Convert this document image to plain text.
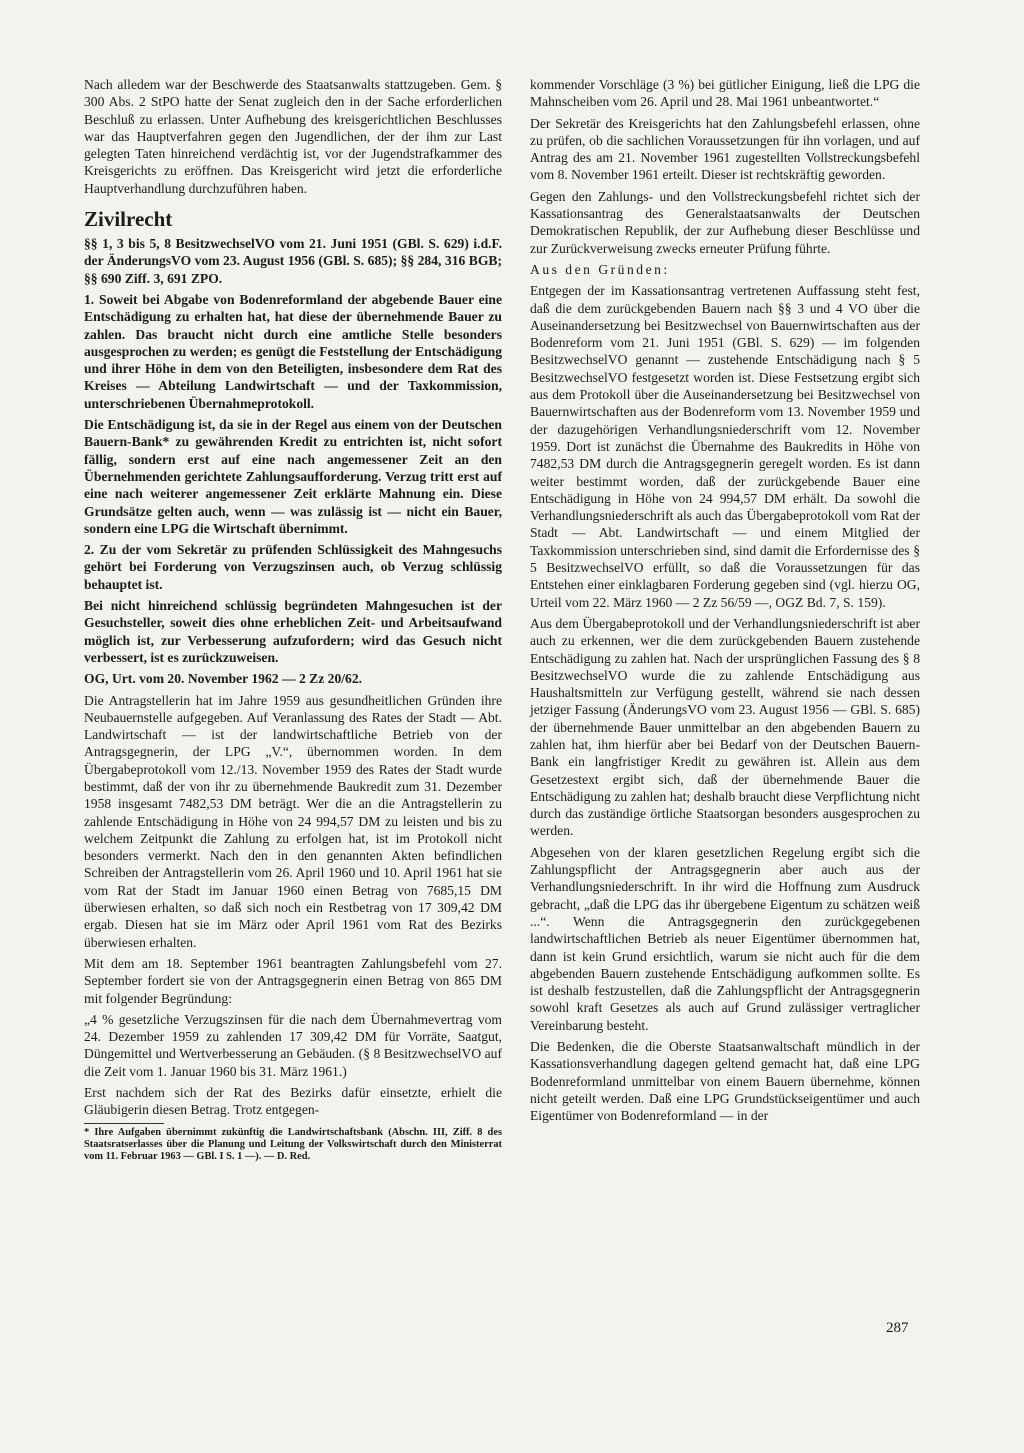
Nach alledem war der Beschwerde des Staatsanwalts stattzugeben. Gem. § 300 Abs. 2 StPO hatte der Senat zugleich den in der Sache erforderlichen Beschluß zu erlassen. Unter Aufhebung des kreisgerichtlichen Beschlusses war das Hauptverfahren gegen den Jugendlichen, der der ihm zur Last gelegten Taten hinreichend verdächtig ist, vor der Jugendstrafkammer des Kreisgerichts zu eröffnen. Das Kreisgericht wird jetzt die erforderliche Hauptverhandlung durchzuführen haben.

Zivilrecht

§§ 1, 3 bis 5, 8 BesitzwechselVO vom 21. Juni 1951 (GBl. S. 629) i.d.F. der ÄnderungsVO vom 23. August 1956 (GBl. S. 685); §§ 284, 316 BGB; §§ 690 Ziff. 3, 691 ZPO.

1. Soweit bei Abgabe von Bodenreformland der abgebende Bauer eine Entschädigung zu erhalten hat, hat diese der übernehmende Bauer zu zahlen. Das braucht nicht durch eine amtliche Stelle besonders ausgesprochen zu werden; es genügt die Feststellung der Entschädigung und ihrer Höhe in dem von den Beteiligten, insbesondere dem Rat des Kreises — Abteilung Landwirtschaft — und der Taxkommission, unterschriebenen Übernahmeprotokoll.

Die Entschädigung ist, da sie in der Regel aus einem von der Deutschen Bauern-Bank* zu gewährenden Kredit zu entrichten ist, nicht sofort fällig, sondern erst auf eine nach angemessener Zeit an den Übernehmenden gerichtete Zahlungsaufforderung. Verzug tritt erst auf eine nach weiterer angemessener Zeit erklärte Mahnung ein. Diese Grundsätze gelten auch, wenn — was zulässig ist — nicht ein Bauer, sondern eine LPG die Wirtschaft übernimmt.

2. Zu der vom Sekretär zu prüfenden Schlüssigkeit des Mahngesuchs gehört bei Forderung von Verzugszinsen auch, ob Verzug schlüssig behauptet ist.

Bei nicht hinreichend schlüssig begründeten Mahngesuchen ist der Gesuchsteller, soweit dies ohne erheblichen Zeit- und Arbeitsaufwand möglich ist, zur Verbesserung aufzufordern; wird das Gesuch nicht verbessert, ist es zurückzuweisen.

OG, Urt. vom 20. November 1962 — 2 Zz 20/62.

Die Antragstellerin hat im Jahre 1959 aus gesundheitlichen Gründen ihre Neubauernstelle aufgegeben. Auf Veranlassung des Rates der Stadt — Abt. Landwirtschaft — ist der landwirtschaftliche Betrieb von der Antragsgegnerin, der LPG „V.“, übernommen worden. In dem Übergabeprotokoll vom 12./13. November 1959 des Rates der Stadt wurde bestimmt, daß der von ihr zu übernehmende Baukredit zum 31. Dezember 1958 insgesamt 7482,53 DM beträgt. Wer die an die Antragstellerin zu zahlende Entschädigung in Höhe von 24 994,57 DM zu leisten und bis zu welchem Zeitpunkt die Zahlung zu erfolgen hat, ist im Protokoll nicht besonders vermerkt. Nach den in den genannten Akten befindlichen Schreiben der Antragstellerin vom 26. April 1960 und 10. April 1961 hat sie vom Rat der Stadt im Januar 1960 einen Betrag von 7685,15 DM überwiesen erhalten, so daß sich noch ein Restbetrag von 17 309,42 DM ergab. Diesen hat sie im März oder April 1961 vom Rat des Bezirks überwiesen erhalten.

Mit dem am 18. September 1961 beantragten Zahlungsbefehl vom 27. September fordert sie von der Antragsgegnerin einen Betrag von 865 DM mit folgender Begründung:

„4 % gesetzliche Verzugszinsen für die nach dem Übernahmevertrag vom 24. Dezember 1959 zu zahlenden 17 309,42 DM für Vorräte, Saatgut, Düngemittel und Wertverbesserung an Gebäuden. (§ 8 BesitzwechselVO auf die Zeit vom 1. Januar 1960 bis 31. März 1961.)

Erst nachdem sich der Rat des Bezirks dafür einsetzte, erhielt die Gläubigerin diesen Betrag. Trotz entgegen-

* Ihre Aufgaben übernimmt zukünftig die Landwirtschaftsbank (Abschn. III, Ziff. 8 des Staatsratserlasses über die Planung und Leitung der Volkswirtschaft durch den Ministerrat vom 11. Februar 1963 — GBl. I S. 1 —). — D. Red.

kommender Vorschläge (3 %) bei gütlicher Einigung, ließ die LPG die Mahnscheiben vom 26. April und 28. Mai 1961 unbeantwortet.“

Der Sekretär des Kreisgerichts hat den Zahlungsbefehl erlassen, ohne zu prüfen, ob die sachlichen Voraussetzungen für ihn vorlagen, und auf Antrag des am 21. November 1961 zugestellten Vollstreckungsbefehl vom 8. November 1961 erteilt. Dieser ist rechtskräftig geworden.

Gegen den Zahlungs- und den Vollstreckungsbefehl richtet sich der Kassationsantrag des Generalstaatsanwalts der Deutschen Demokratischen Republik, der zur Aufhebung dieser Beschlüsse und zur Zurückverweisung zwecks erneuter Prüfung führte.

Aus den Gründen:

Entgegen der im Kassationsantrag vertretenen Auffassung steht fest, daß die dem zurückgebenden Bauern nach §§ 3 und 4 VO über die Auseinandersetzung bei Besitzwechsel von Bauernwirtschaften aus der Bodenreform vom 21. Juni 1951 (GBl. S. 629) — im folgenden BesitzwechselVO genannt — zustehende Entschädigung nach § 5 BesitzwechselVO festgesetzt worden ist. Diese Festsetzung ergibt sich aus dem Protokoll über die Auseinandersetzung bei Besitzwechsel von Bauernwirtschaften aus der Bodenreform vom 13. November 1959 und der dazugehörigen Verhandlungsniederschrift vom 12. November 1959. Dort ist zunächst die Übernahme des Baukredits in Höhe von 7482,53 DM durch die Antragsgegnerin geregelt worden. Es ist dann weiter bestimmt worden, daß der zurückgebende Bauer eine Entschädigung in Höhe von 24 994,57 DM erhält. Da sowohl die Verhandlungsniederschrift als auch das Übergabeprotokoll vom Rat der Stadt — Abt. Landwirtschaft — und einem Mitglied der Taxkommission unterschrieben sind, sind damit die Erfordernisse des § 5 BesitzwechselVO erfüllt, so daß die Voraussetzungen für das Entstehen einer einklagbaren Forderung gegeben sind (vgl. hierzu OG, Urteil vom 22. März 1960 — 2 Zz 56/59 —, OGZ Bd. 7, S. 159).

Aus dem Übergabeprotokoll und der Verhandlungsniederschrift ist aber auch zu erkennen, wer die dem zurückgebenden Bauern zustehende Entschädigung zu zahlen hat. Nach der ursprünglichen Fassung des § 8 BesitzwechselVO wurde die zu zahlende Entschädigung aus Haushaltsmitteln zur Verfügung gestellt, während sie nach dessen jetziger Fassung (ÄnderungsVO vom 23. August 1956 — GBl. S. 685) der übernehmende Bauer unmittelbar an den abgebenden Bauern zu zahlen hat, ihm hierfür aber bei Bedarf von der Deutschen Bauern-Bank ein langfristiger Kredit zu gewähren ist. Allein aus dem Gesetzestext ergibt sich, daß der übernehmende Bauer die Entschädigung zu zahlen hat; deshalb braucht diese Verpflichtung nicht durch das zuständige örtliche Staatsorgan besonders ausgesprochen zu werden.

Abgesehen von der klaren gesetzlichen Regelung ergibt sich die Zahlungspflicht der Antragsgegnerin aber auch aus der Verhandlungsniederschrift. In ihr wird die Hoffnung zum Ausdruck gebracht, „daß die LPG das ihr übergebene Eigentum zu schätzen weiß ...“. Wenn die Antragsgegnerin den zurückgegebenen landwirtschaftlichen Betrieb als neuer Eigentümer übernommen hat, dann ist kein Grund ersichtlich, warum sie nicht auch für die dem abgebenden Bauern zustehende Entschädigung aufkommen sollte. Es ist deshalb festzustellen, daß die Zahlungspflicht der Antragsgegnerin sowohl kraft Gesetzes als auch auf Grund zulässiger vertraglicher Vereinbarung besteht.

Die Bedenken, die die Oberste Staatsanwaltschaft mündlich in der Kassationsverhandlung dagegen geltend gemacht hat, daß eine LPG Bodenreformland unmittelbar von einem Bauern übernehme, können nicht geteilt werden. Daß eine LPG Grundstückseigentümer und auch Eigentümer von Bodenreformland — in der

287
